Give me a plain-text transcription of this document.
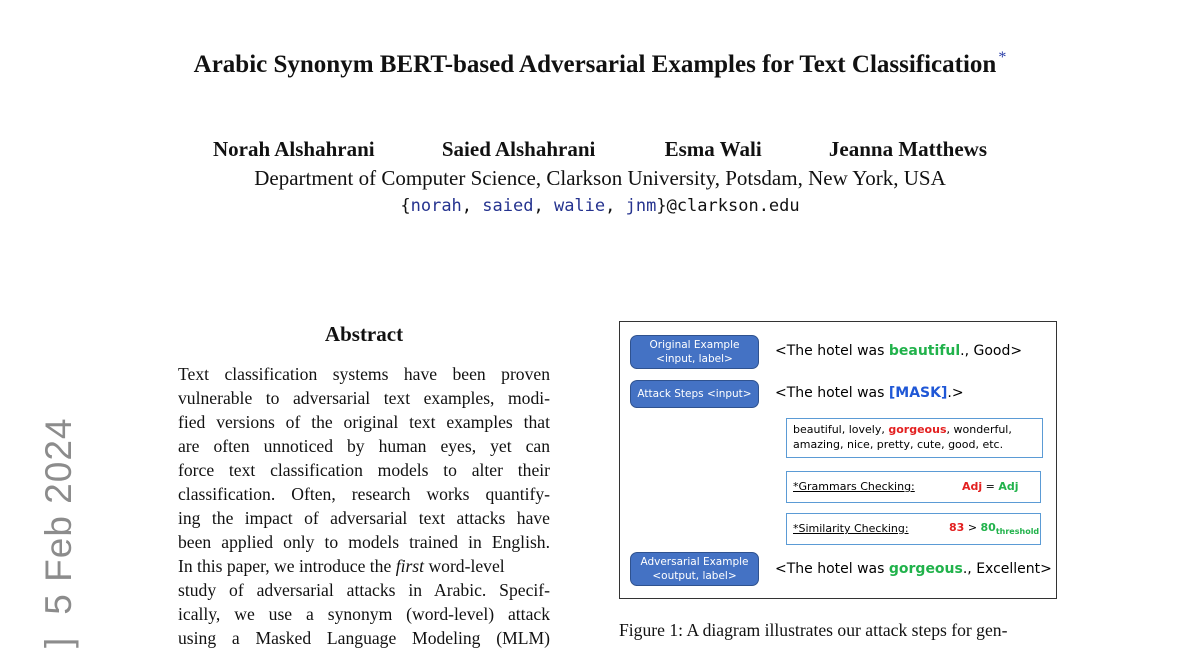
Arabic Synonym BERT-based Adversarial Examples for Text Classification *
Norah Alshahrani	Saied Alshahrani	Esma Wali	Jeanna Matthews
Department of Computer Science, Clarkson University, Potsdam, New York, USA
{norah, saied, walie, jnm}@clarkson.edu
]5 Feb 2024
Abstract
Text classification systems have been proven
vulnerable to adversarial text examples, modi-
fied versions of the original text examples that
are often unnoticed by human eyes, yet can
force text classification models to alter their
classification. Often, research works quantify-
ing the impact of adversarial text attacks have
been applied only to models trained in English.
In this paper, we introduce the first word-level
study of adversarial attacks in Arabic. Specif-
ically, we use a synonym (word-level) attack
using a Masked Language Modeling (MLM)
Original Example
<input, label>	<The hotel was beautiful., Good>
Attack Steps <input> <The hotel was [MASK].>
beautiful, lovely, gorgeous, wonderful,
amazing, nice, pretty, cute, good, etc.
*Grammars Checking:	Adj = Adj
*Similarity Checking:	$83 > 80_{threshold}$
Adversarial Example
<output, label>	<The hotel was gorgeous., Excellent>
Figure 1: A diagram illustrates our attack steps for gen-
